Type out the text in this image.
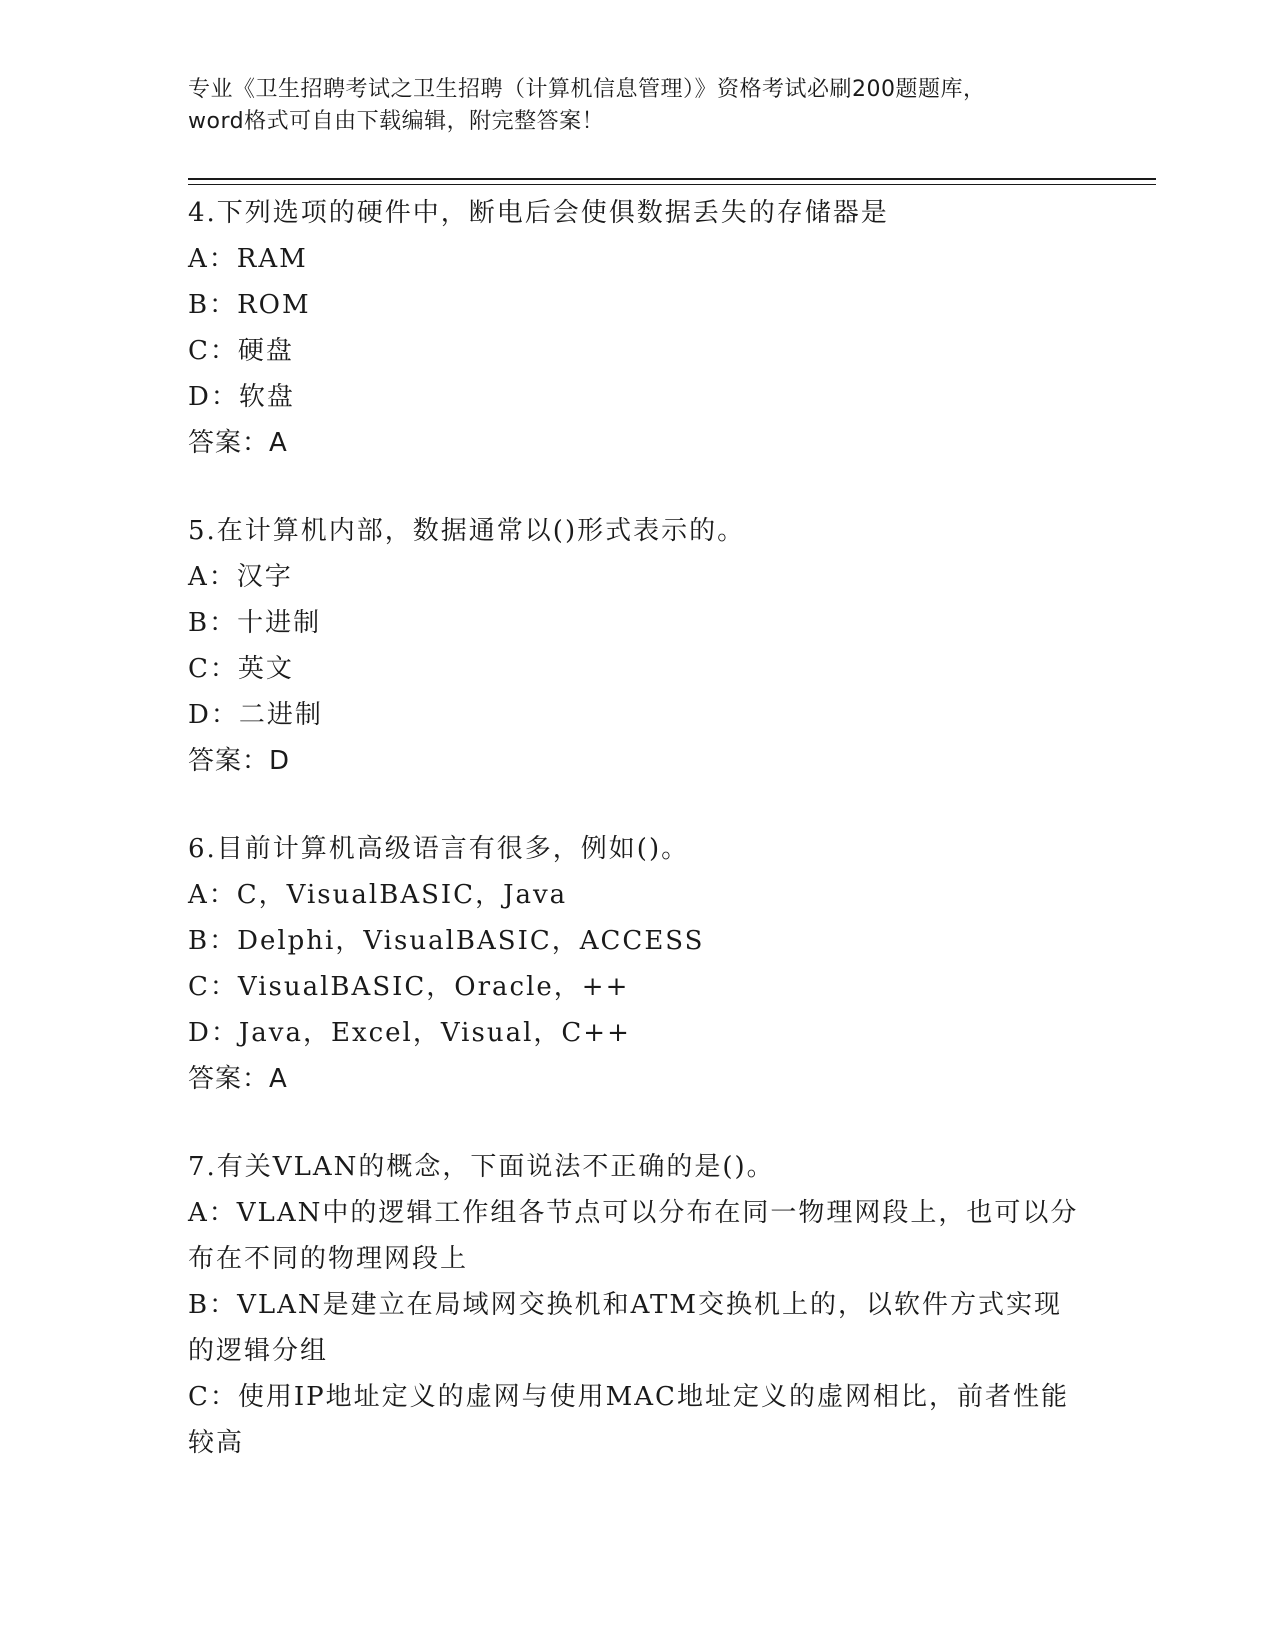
专业《卫生招聘考试之卫生招聘（计算机信息管理）》资格考试必刷200题题库，
word格式可自由下载编辑，附完整答案！
4.下列选项的硬件中，断电后会使俱数据丢失的存储器是
A：RAM
B：ROM
C：硬盘
D：软盘
答案：A
5.在计算机内部，数据通常以()形式表示的。
A：汉字
B：十进制
C：英文
D：二进制
答案：D
6.目前计算机高级语言有很多，例如()。
A：C，VisualBASIC，Java
B：Delphi，VisualBASIC，ACCESS
C：VisualBASIC，Oracle，++
D：Java，Excel，Visual，C++
答案：A
7.有关VLAN的概念，下面说法不正确的是()。
A：VLAN中的逻辑工作组各节点可以分布在同一物理网段上，也可以分布在不同的物理网段上
B：VLAN是建立在局域网交换机和ATM交换机上的，以软件方式实现的逻辑分组
C：使用IP地址定义的虚网与使用MAC地址定义的虚网相比，前者性能较高
